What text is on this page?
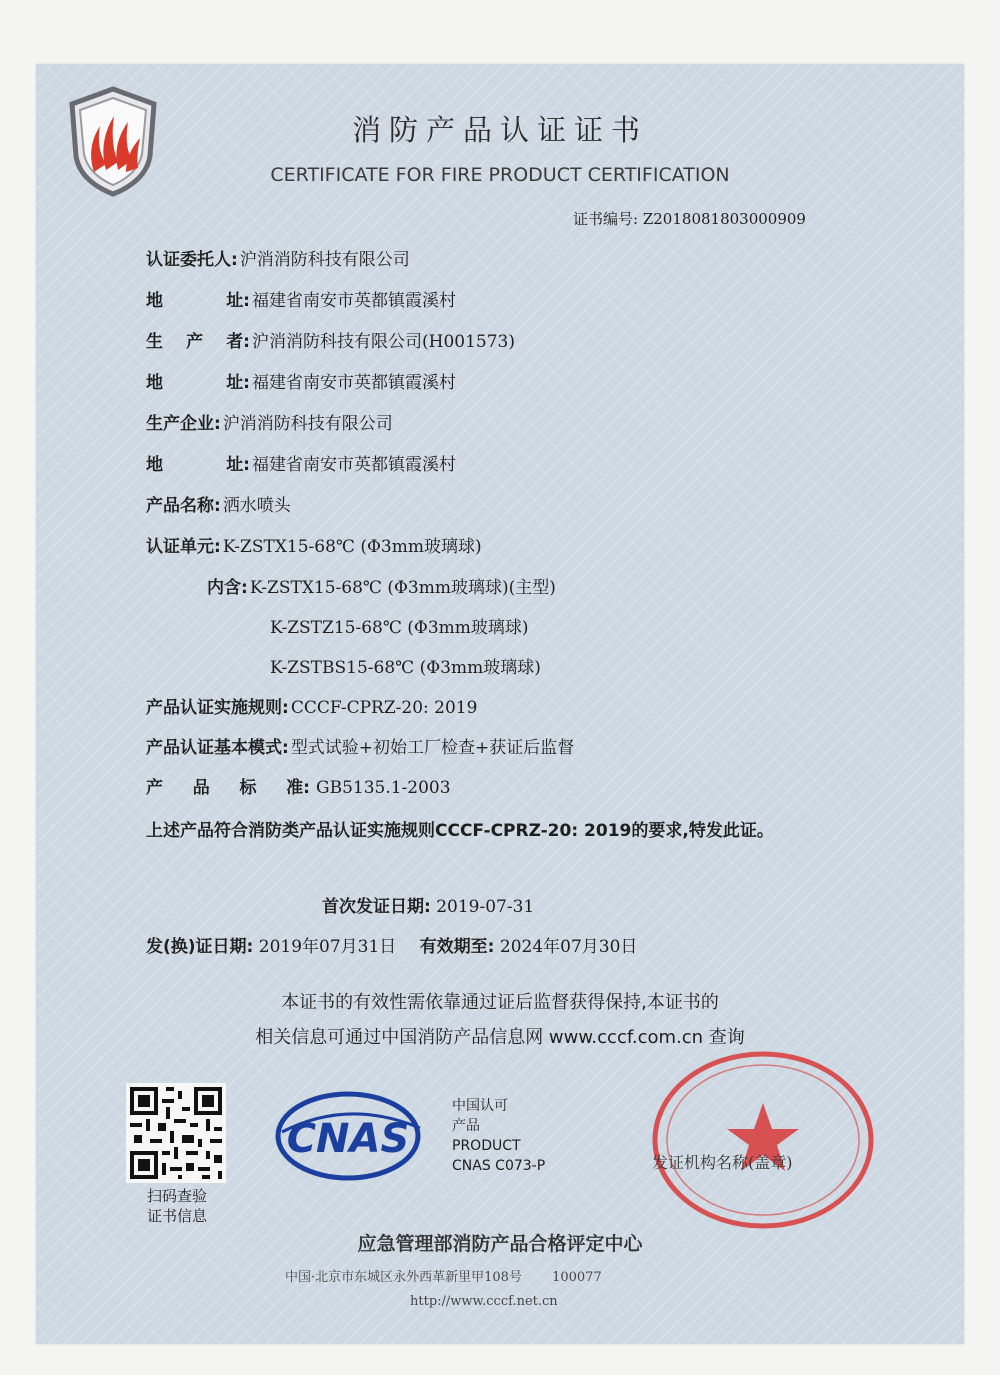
消防产品认证证书
CERTIFICATE FOR FIRE PRODUCT CERTIFICATION
证书编号: Z2018081803000909
认证委托人: 沪消消防科技有限公司
地	址: 福建省南安市英都镇霞溪村
生 产 者: 沪消消防科技有限公司(H001573)
地	址: 福建省南安市英都镇霞溪村
生产企业: 沪消消防科技有限公司
地	址: 福建省南安市英都镇霞溪村
产品名称: 洒水喷头
认证单元: K-ZSTX15-68℃ (Φ3mm玻璃球)
内含: K-ZSTX15-68℃ (Φ3mm玻璃球)(主型)
K-ZSTZ15-68℃ (Φ3mm玻璃球)
K-ZSTBS15-68℃ (Φ3mm玻璃球)
产品认证实施规则: CCCF-CPRZ-20: 2019
产品认证基本模式: 型式试验+初始工厂检查+获证后监督
产 品 标 准: GB5135.1-2003
上述产品符合消防类产品认证实施规则CCCF-CPRZ-20: 2019的要求,特发此证。
首次发证日期: 2019-07-31
发(换)证日期: 2019年07月31日 有效期至: 2024年07月30日
本证书的有效性需依靠通过证后监督获得保持,本证书的
相关信息可通过中国消防产品信息网 www.cccf.com.cn 查询
扫码查验
证书信息
CNAS
中国认可
产品
PRODUCT
CNAS C073-P	发证机构名称(盖章)
应急管理部消防产品合格评定中心
中国·北京市东城区永外西革新里甲108号 100077
http://www.cccf.net.cn
